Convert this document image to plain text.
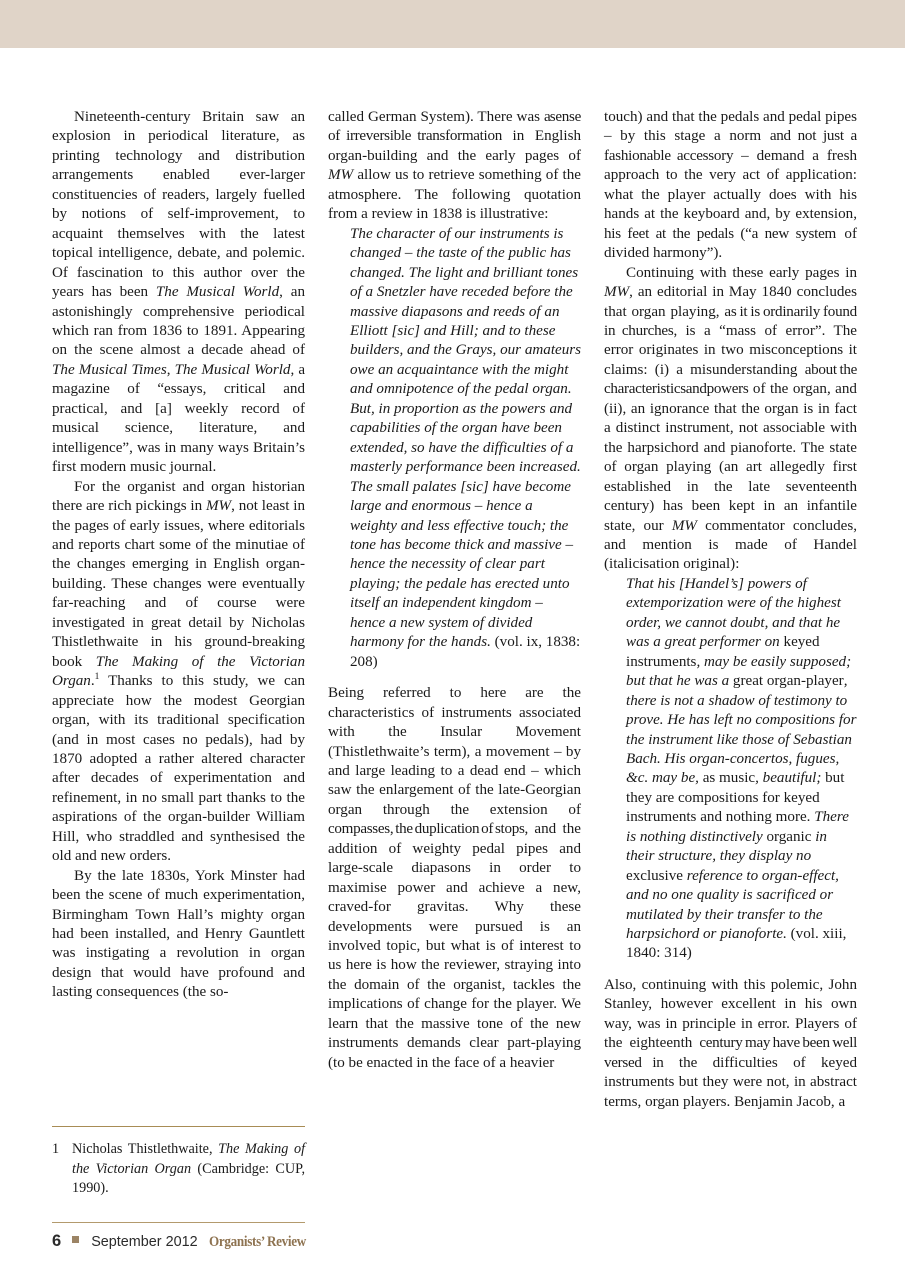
Nineteenth-century Britain saw an explosion in periodical literature, as printing technology and distribution arrangements enabled ever-larger constituencies of readers, largely fuelled by notions of self-improvement, to acquaint themselves with the latest topical intelligence, debate, and polemic. Of fascination to this author over the years has been The Musical World, an astonishingly comprehensive periodical which ran from 1836 to 1891. Appearing on the scene almost a decade ahead of The Musical Times, The Musical World, a magazine of “essays, critical and practical, and [a] weekly record of musical science, literature, and intelligence”, was in many ways Britain’s first modern music journal.

For the organist and organ historian there are rich pickings in MW, not least in the pages of early issues, where editorials and reports chart some of the minutiae of the changes emerging in English organ-building. These changes were eventually far-reaching and of course were investigated in great detail by Nicholas Thistlethwaite in his ground-breaking book The Making of the Victorian Organ.$^1$ Thanks to this study, we can appreciate how the modest Georgian organ, with its traditional specification (and in most cases no pedals), had by 1870 adopted a rather altered character after decades of experimentation and refinement, in no small part thanks to the aspirations of the organ-builder William Hill, who straddled and synthesised the old and new orders.

By the late 1830s, York Minster had been the scene of much experimentation, Birmingham Town Hall’s mighty organ had been installed, and Henry Gauntlett was instigating a revolution in organ design that would have profound and lasting consequences (the so-

1 Nicholas Thistlethwaite, The Making of the Victorian Organ (Cambridge: CUP, 1990).

called German System). There was a sense of irreversible transformation in English organ-building and the early pages of MW allow us to retrieve something of the atmosphere. The following quotation from a review in 1838 is illustrative:

The character of our instruments is changed – the taste of the public has changed. The light and brilliant tones of a Snetzler have receded before the massive diapasons and reeds of an Elliott [sic] and Hill; and to these builders, and the Grays, our amateurs owe an acquaintance with the might and omnipotence of the pedal organ. But, in proportion as the powers and capabilities of the organ have been extended, so have the difficulties of a masterly performance been increased. The small palates [sic] have become large and enormous – hence a weighty and less effective touch; the tone has become thick and massive – hence the necessity of clear part playing; the pedale has erected unto itself an independent kingdom – hence a new system of divided harmony for the hands. (vol. ix, 1838: 208)

Being referred to here are the characteristics of instruments associated with the Insular Movement (Thistlethwaite’s term), a movement – by and large leading to a dead end – which saw the enlargement of the late-Georgian organ through the extension of compasses, the duplication of stops, and the addition of weighty pedal pipes and large-scale diapasons in order to maximise power and achieve a new, craved-for gravitas. Why these developments were pursued is an involved topic, but what is of interest to us here is how the reviewer, straying into the domain of the organist, tackles the implications of change for the player. We learn that the massive tone of the new instruments demands clear part-playing (to be enacted in the face of a heavier

touch) and that the pedals and pedal pipes – by this stage a norm and not just a fashionable accessory – demand a fresh approach to the very act of application: what the player actually does with his hands at the keyboard and, by extension, his feet at the pedals (“a new system of divided harmony”).

Continuing with these early pages in MW, an editorial in May 1840 concludes that organ playing, as it is ordinarily found in churches, is a “mass of error”. The error originates in two misconceptions it claims: (i) a misunderstanding about the characteristics and powers of the organ, and (ii), an ignorance that the organ is in fact a distinct instrument, not associable with the harpsichord and pianoforte. The state of organ playing (an art allegedly first established in the late seventeenth century) has been kept in an infantile state, our MW commentator concludes, and mention is made of Handel (italicisation original):

That his [Handel’s] powers of extemporization were of the highest order, we cannot doubt, and that he was a great performer on keyed instruments, may be easily supposed; but that he was a great organ-player, there is not a shadow of testimony to prove. He has left no compositions for the instrument like those of Sebastian Bach. His organ-concertos, fugues, &c. may be, as music, beautiful; but they are compositions for keyed instruments and nothing more. There is nothing distinctively organic in their structure, they display no exclusive reference to organ-effect, and no one quality is sacrificed or mutilated by their transfer to the harpsichord or pianoforte. (vol. xiii, 1840: 314)

Also, continuing with this polemic, John Stanley, however excellent in his own way, was in principle in error. Players of the eighteenth century may have been well versed in the difficulties of keyed instruments but they were not, in abstract terms, organ players. Benjamin Jacob, a

6 September 2012 Organists’ Review
